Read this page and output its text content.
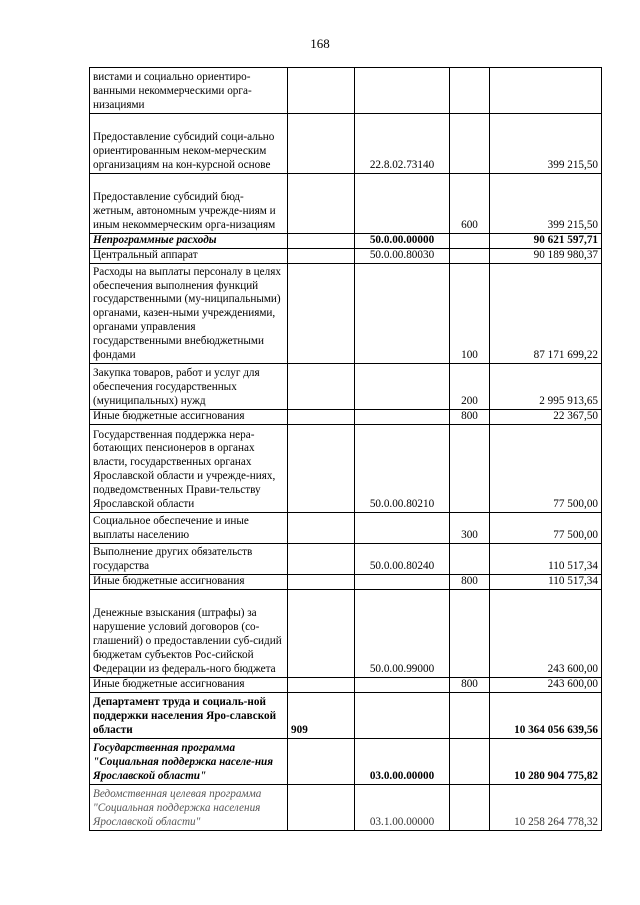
168
вистами и социально ориентиро-ванными некоммерческими орга-низациями				
Предоставление субсидий соци-ально ориентированным неком-мерческим организациям на кон-курсной основе		22.8.02.73140		399 215,50
Предоставление субсидий бюд-жетным, автономным учрежде-ниям и иным некоммерческим орга-низациям			600	399 215,50
Непрограммные расходы		50.0.00.00000		90 621 597,71
Центральный аппарат		50.0.00.80030		90 189 980,37
Расходы на выплаты персоналу в целях обеспечения выполнения функций государственными (му-ниципальными) органами, казен-ными учреждениями, органами управления государственными внебюджетными фондами			100	87 171 699,22
Закупка товаров, работ и услуг для обеспечения государственных (муниципальных) нужд			200	2 995 913,65
Иные бюджетные ассигнования			800	22 367,50
Государственная поддержка нера-ботающих пенсионеров в органах власти, государственных органах Ярославской области и учрежде-ниях, подведомственных Прави-тельству Ярославской области		50.0.00.80210		77 500,00
Социальное обеспечение и иные выплаты населению			300	77 500,00
Выполнение других обязательств государства		50.0.00.80240		110 517,34
Иные бюджетные ассигнования			800	110 517,34
Денежные взыскания (штрафы) за нарушение условий договоров (со-глашений) о предоставлении суб-сидий бюджетам субъектов Рос-сийской Федерации из федераль-ного бюджета		50.0.00.99000		243 600,00
Иные бюджетные ассигнования			800	243 600,00
Департамент труда и социаль-ной поддержки населения Яро-славской области	909			10 364 056 639,56
Государственная программа "Социальная поддержка населе-ния Ярославской области"		03.0.00.00000		10 280 904 775,82
Ведомственная целевая программа "Социальная поддержка населения Ярославской области"		03.1.00.00000		10 258 264 778,32
